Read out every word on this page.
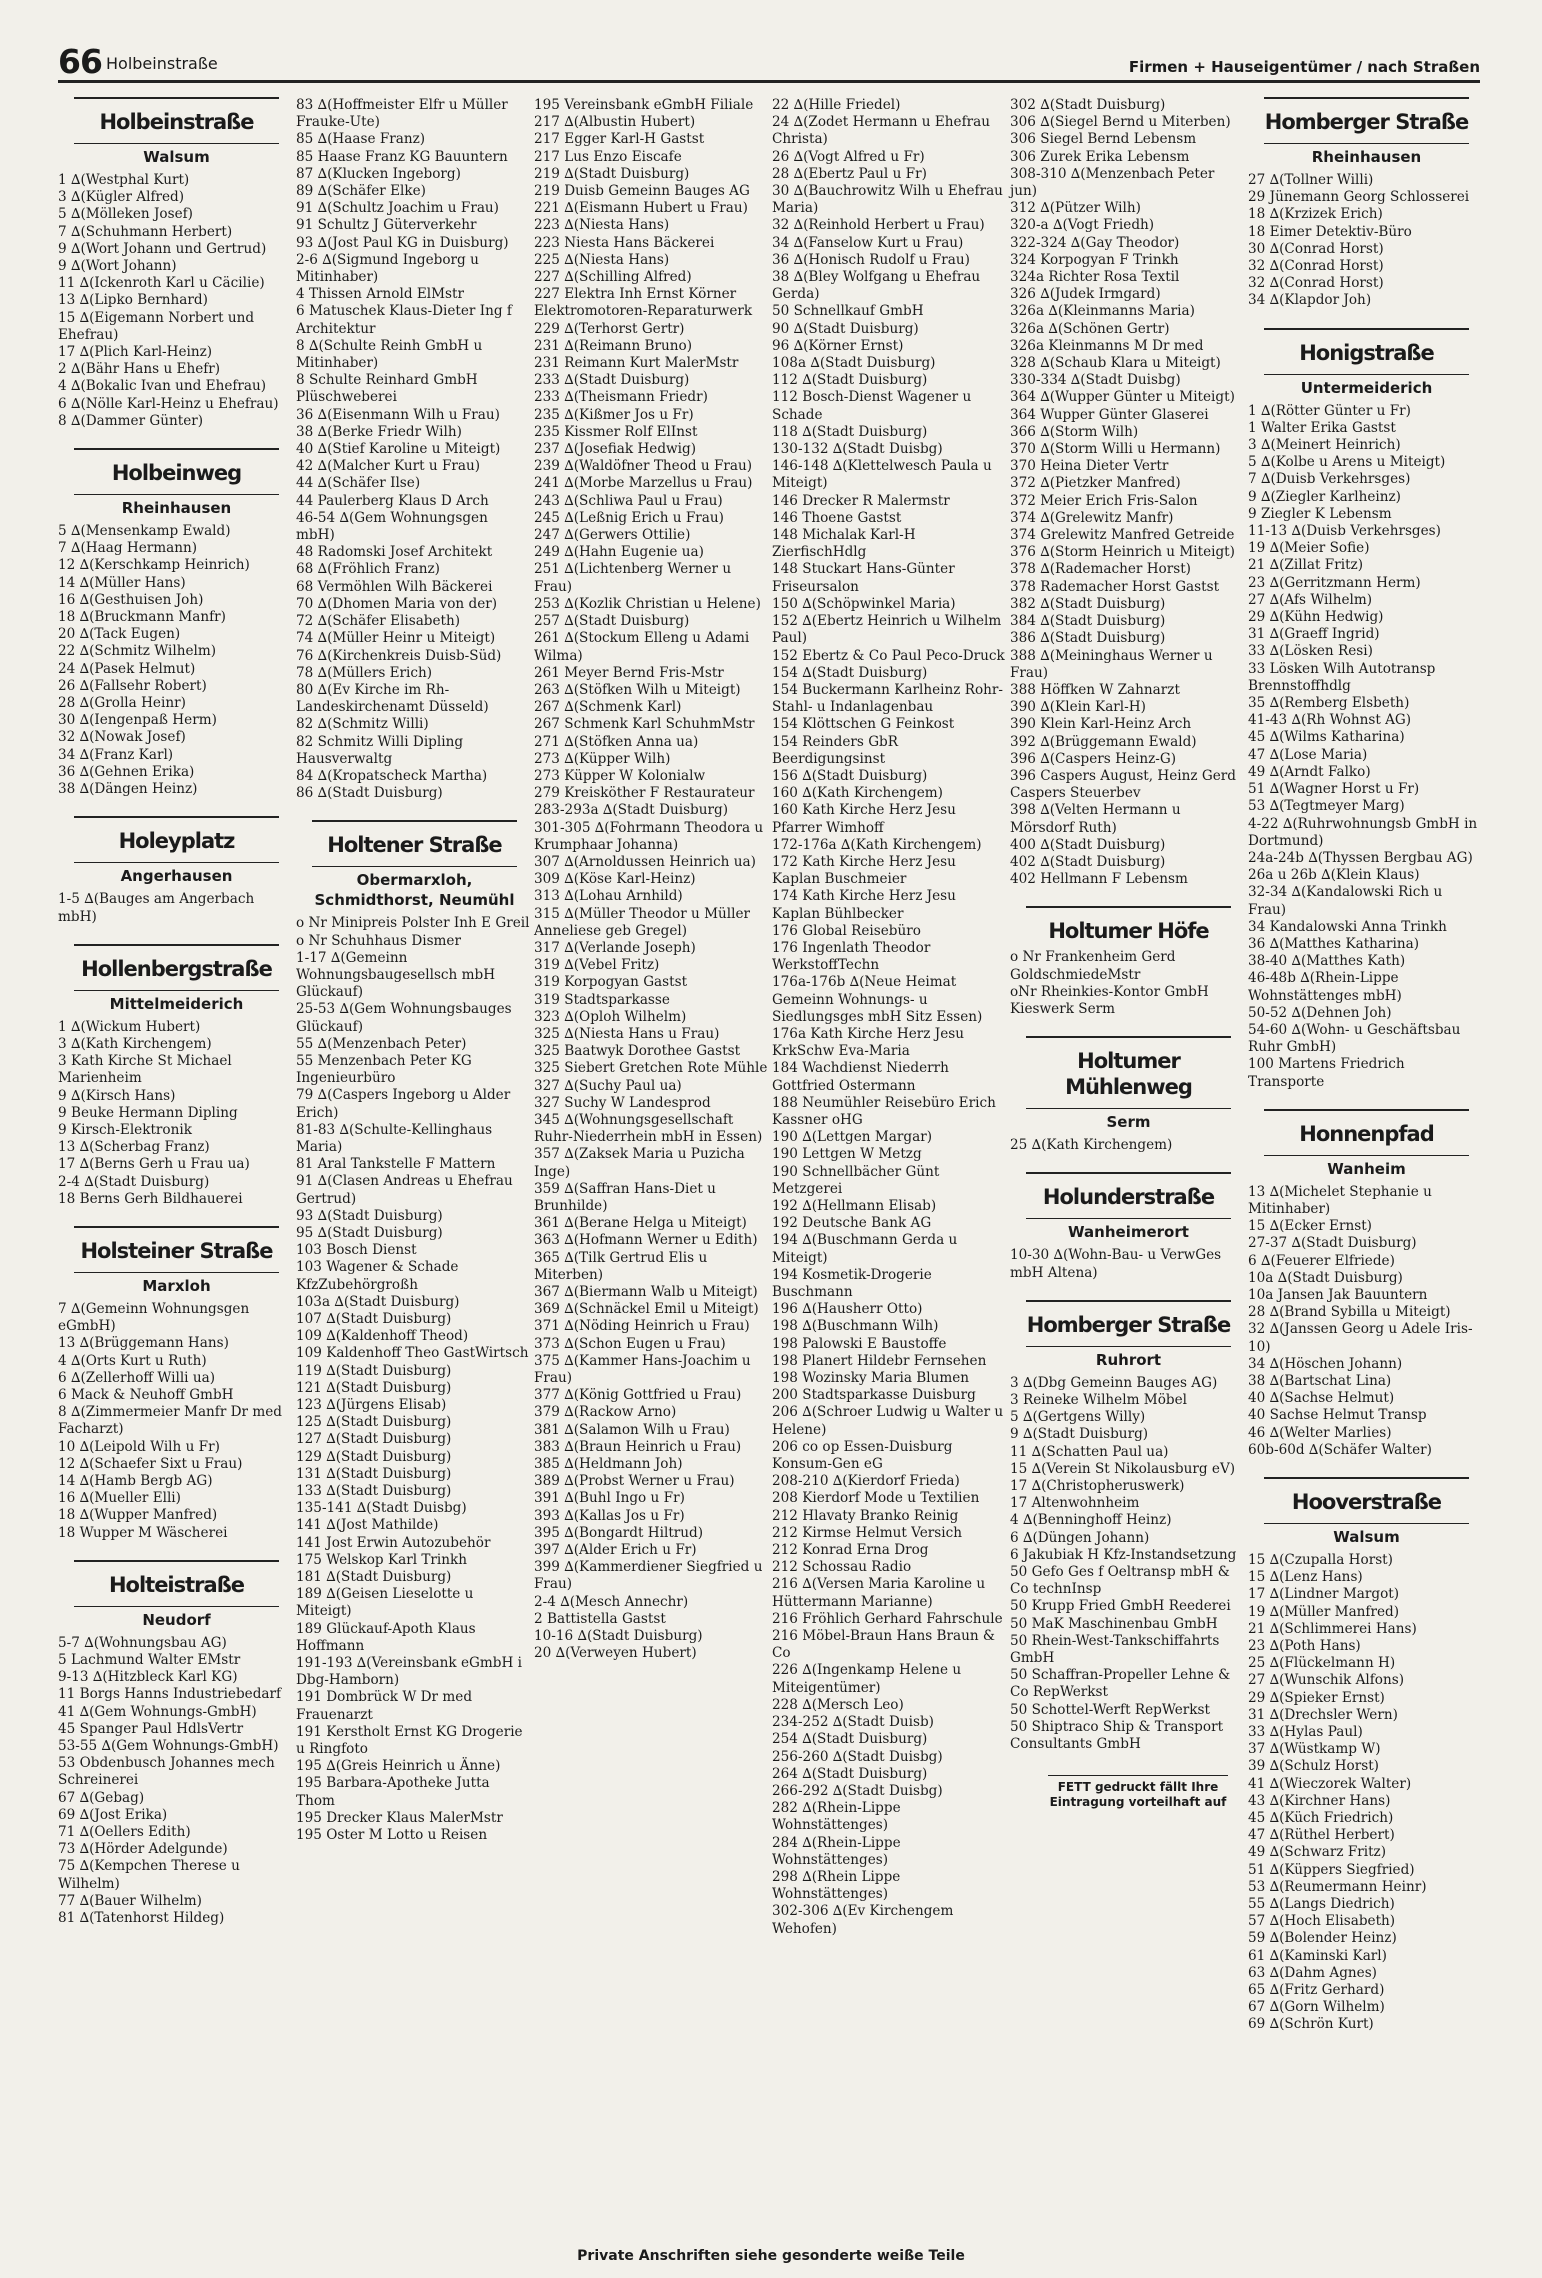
66 Holbeinstraße	Firmen + Hauseigentümer / nach Straßen
Holbeinstraße
Walsum
1 ∆(Westphal Kurt)
3 ∆(Kügler Alfred)
5 ∆(Mölleken Josef)
7 ∆(Schuhmann Herbert)
9 ∆(Wort Johann und Gertrud)
9 ∆(Wort Johann)
11 ∆(Ickenroth Karl u Cäcilie)
13 ∆(Lipko Bernhard)
15 ∆(Eigemann Norbert und Ehefrau)
17 ∆(Plich Karl-Heinz)
2 ∆(Bähr Hans u Ehefr)
4 ∆(Bokalic Ivan und Ehefrau)
6 ∆(Nölle Karl-Heinz u Ehefrau)
8 ∆(Dammer Günter)
Holbeinweg
Rheinhausen
5 ∆(Mensenkamp Ewald)
7 ∆(Haag Hermann)
12 ∆(Kerschkamp Heinrich)
14 ∆(Müller Hans)
16 ∆(Gesthuisen Joh)
18 ∆(Bruckmann Manfr)
20 ∆(Tack Eugen)
22 ∆(Schmitz Wilhelm)
24 ∆(Pasek Helmut)
26 ∆(Fallsehr Robert)
28 ∆(Grolla Heinr)
30 ∆(Iengenpaß Herm)
32 ∆(Nowak Josef)
34 ∆(Franz Karl)
36 ∆(Gehnen Erika)
38 ∆(Dängen Heinz)
Holeyplatz
Angerhausen
1-5 ∆(Bauges am Angerbach mbH)
Hollenbergstraße
Mittelmeiderich
1 ∆(Wickum Hubert)
3 ∆(Kath Kirchengem)
3 Kath Kirche St Michael Marienheim
9 ∆(Kirsch Hans)
9 Beuke Hermann Dipling
9 Kirsch-Elektronik
13 ∆(Scherbag Franz)
17 ∆(Berns Gerh u Frau ua)
2-4 ∆(Stadt Duisburg)
18 Berns Gerh Bildhauerei
Holsteiner Straße
Marxloh
7 ∆(Gemeinn Wohnungsgen eGmbH)
13 ∆(Brüggemann Hans)
4 ∆(Orts Kurt u Ruth)
6 ∆(Zellerhoff Willi ua)
6 Mack & Neuhoff GmbH
8 ∆(Zimmermeier Manfr Dr med Facharzt)
10 ∆(Leipold Wilh u Fr)
12 ∆(Schaefer Sixt u Frau)
14 ∆(Hamb Bergb AG)
16 ∆(Mueller Elli)
18 ∆(Wupper Manfred)
18 Wupper M Wäscherei
Holteistraße
Neudorf
5-7 ∆(Wohnungsbau AG)
5 Lachmund Walter EMstr
9-13 ∆(Hitzbleck Karl KG)
11 Borgs Hanns Industriebedarf
41 ∆(Gem Wohnungs-GmbH)
45 Spanger Paul HdlsVertr
53-55 ∆(Gem Wohnungs-GmbH)
53 Obdenbusch Johannes mech Schreinerei
67 ∆(Gebag)
69 ∆(Jost Erika)
71 ∆(Oellers Edith)
73 ∆(Hörder Adelgunde)
75 ∆(Kempchen Therese u Wilhelm)
77 ∆(Bauer Wilhelm)
81 ∆(Tatenhorst Hildeg)
83 ∆(Hoffmeister Elfr u Müller Frauke-Ute)
85 ∆(Haase Franz)
85 Haase Franz KG Bauuntern
87 ∆(Klucken Ingeborg)
89 ∆(Schäfer Elke)
91 ∆(Schultz Joachim u Frau)
91 Schultz J Güterverkehr
93 ∆(Jost Paul KG in Duisburg)
2-6 ∆(Sigmund Ingeborg u Mitinhaber)
4 Thissen Arnold ElMstr
6 Matuschek Klaus-Dieter Ing f Architektur
8 ∆(Schulte Reinh GmbH u Mitinhaber)
8 Schulte Reinhard GmbH Plüschweberei
36 ∆(Eisenmann Wilh u Frau)
38 ∆(Berke Friedr Wilh)
40 ∆(Stief Karoline u Miteigt)
42 ∆(Malcher Kurt u Frau)
44 ∆(Schäfer Ilse)
44 Paulerberg Klaus D Arch
46-54 ∆(Gem Wohnungsgen mbH)
48 Radomski Josef Architekt
68 ∆(Fröhlich Franz)
68 Vermöhlen Wilh Bäckerei
70 ∆(Dhomen Maria von der)
72 ∆(Schäfer Elisabeth)
74 ∆(Müller Heinr u Miteigt)
76 ∆(Kirchenkreis Duisb-Süd)
78 ∆(Müllers Erich)
80 ∆(Ev Kirche im Rh-Landeskirchenamt Düsseld)
82 ∆(Schmitz Willi)
82 Schmitz Willi Dipling Hausverwaltg
84 ∆(Kropatscheck Martha)
86 ∆(Stadt Duisburg)
Holtener Straße
Obermarxloh, Schmidthorst, Neumühl
o Nr Minipreis Polster Inh E Greil
o Nr Schuhhaus Dismer
1-17 ∆(Gemeinn Wohnungsbaugesellsch mbH Glückauf)
25-53 ∆(Gem Wohnungsbauges Glückauf)
55 ∆(Menzenbach Peter)
55 Menzenbach Peter KG Ingenieurbüro
79 ∆(Caspers Ingeborg u Alder Erich)
81-83 ∆(Schulte-Kellinghaus Maria)
81 Aral Tankstelle F Mattern
91 ∆(Clasen Andreas u Ehefrau Gertrud)
93 ∆(Stadt Duisburg)
95 ∆(Stadt Duisburg)
103 Bosch Dienst
103 Wagener & Schade KfzZubehörgroßh
103a ∆(Stadt Duisburg)
107 ∆(Stadt Duisburg)
109 ∆(Kaldenhoff Theod)
109 Kaldenhoff Theo GastWirtsch
119 ∆(Stadt Duisburg)
121 ∆(Stadt Duisburg)
123 ∆(Jürgens Elisab)
125 ∆(Stadt Duisburg)
127 ∆(Stadt Duisburg)
129 ∆(Stadt Duisburg)
131 ∆(Stadt Duisburg)
133 ∆(Stadt Duisburg)
135-141 ∆(Stadt Duisbg)
141 ∆(Jost Mathilde)
141 Jost Erwin Autozubehör
175 Welskop Karl Trinkh
181 ∆(Stadt Duisburg)
189 ∆(Geisen Lieselotte u Miteigt)
189 Glückauf-Apoth Klaus Hoffmann
191-193 ∆(Vereinsbank eGmbH i Dbg-Hamborn)
191 Dombrück W Dr med Frauenarzt
191 Kerstholt Ernst KG Drogerie u Ringfoto
195 ∆(Greis Heinrich u Änne)
195 Barbara-Apotheke Jutta Thom
195 Drecker Klaus MalerMstr
195 Oster M Lotto u Reisen
195 Vereinsbank eGmbH Filiale
217 ∆(Albustin Hubert)
217 Egger Karl-H Gastst
217 Lus Enzo Eiscafe
219 ∆(Stadt Duisburg)
219 Duisb Gemeinn Bauges AG
221 ∆(Eismann Hubert u Frau)
223 ∆(Niesta Hans)
223 Niesta Hans Bäckerei
225 ∆(Niesta Hans)
227 ∆(Schilling Alfred)
227 Elektra Inh Ernst Körner Elektromotoren-Reparaturwerk
229 ∆(Terhorst Gertr)
231 ∆(Reimann Bruno)
231 Reimann Kurt MalerMstr
233 ∆(Stadt Duisburg)
233 ∆(Theismann Friedr)
235 ∆(Kißmer Jos u Fr)
235 Kissmer Rolf ElInst
237 ∆(Josefiak Hedwig)
239 ∆(Waldöfner Theod u Frau)
241 ∆(Morbe Marzellus u Frau)
243 ∆(Schliwa Paul u Frau)
245 ∆(Leßnig Erich u Frau)
247 ∆(Gerwers Ottilie)
249 ∆(Hahn Eugenie ua)
251 ∆(Lichtenberg Werner u Frau)
253 ∆(Kozlik Christian u Helene)
257 ∆(Stadt Duisburg)
261 ∆(Stockum Elleng u Adami Wilma)
261 Meyer Bernd Fris-Mstr
263 ∆(Stöfken Wilh u Miteigt)
267 ∆(Schmenk Karl)
267 Schmenk Karl SchuhmMstr
271 ∆(Stöfken Anna ua)
273 ∆(Küpper Wilh)
273 Küpper W Kolonialw
279 Kreisköther F Restaurateur
283-293a ∆(Stadt Duisburg)
301-305 ∆(Fohrmann Theodora u Krumphaar Johanna)
307 ∆(Arnoldussen Heinrich ua)
309 ∆(Köse Karl-Heinz)
313 ∆(Lohau Arnhild)
315 ∆(Müller Theodor u Müller Anneliese geb Gregel)
317 ∆(Verlande Joseph)
319 ∆(Vebel Fritz)
319 Korpogyan Gastst
319 Stadtsparkasse
323 ∆(Oploh Wilhelm)
325 ∆(Niesta Hans u Frau)
325 Baatwyk Dorothee Gastst
325 Siebert Gretchen Rote Mühle
327 ∆(Suchy Paul ua)
327 Suchy W Landesprod
345 ∆(Wohnungsgesellschaft Ruhr-Niederrhein mbH in Essen)
357 ∆(Zaksek Maria u Puzicha Inge)
359 ∆(Saffran Hans-Diet u Brunhilde)
361 ∆(Berane Helga u Miteigt)
363 ∆(Hofmann Werner u Edith)
365 ∆(Tilk Gertrud Elis u Miterben)
367 ∆(Biermann Walb u Miteigt)
369 ∆(Schnäckel Emil u Miteigt)
371 ∆(Nöding Heinrich u Frau)
373 ∆(Schon Eugen u Frau)
375 ∆(Kammer Hans-Joachim u Frau)
377 ∆(König Gottfried u Frau)
379 ∆(Rackow Arno)
381 ∆(Salamon Wilh u Frau)
383 ∆(Braun Heinrich u Frau)
385 ∆(Heldmann Joh)
389 ∆(Probst Werner u Frau)
391 ∆(Buhl Ingo u Fr)
393 ∆(Kallas Jos u Fr)
395 ∆(Bongardt Hiltrud)
397 ∆(Alder Erich u Fr)
399 ∆(Kammerdiener Siegfried u Frau)
2-4 ∆(Mesch Annechr)
2 Battistella Gastst
10-16 ∆(Stadt Duisburg)
20 ∆(Verweyen Hubert)
22 ∆(Hille Friedel)
24 ∆(Zodet Hermann u Ehefrau Christa)
26 ∆(Vogt Alfred u Fr)
28 ∆(Ebertz Paul u Fr)
30 ∆(Bauchrowitz Wilh u Ehefrau Maria)
32 ∆(Reinhold Herbert u Frau)
34 ∆(Fanselow Kurt u Frau)
36 ∆(Honisch Rudolf u Frau)
38 ∆(Bley Wolfgang u Ehefrau Gerda)
50 Schnellkauf GmbH
90 ∆(Stadt Duisburg)
96 ∆(Körner Ernst)
108a ∆(Stadt Duisburg)
112 ∆(Stadt Duisburg)
112 Bosch-Dienst Wagener u Schade
118 ∆(Stadt Duisburg)
130-132 ∆(Stadt Duisbg)
146-148 ∆(Klettelwesch Paula u Miteigt)
146 Drecker R Malermstr
146 Thoene Gastst
148 Michalak Karl-H ZierfischHdlg
148 Stuckart Hans-Günter Friseursalon
150 ∆(Schöpwinkel Maria)
152 ∆(Ebertz Heinrich u Wilhelm Paul)
152 Ebertz & Co Paul Peco-Druck
154 ∆(Stadt Duisburg)
154 Buckermann Karlheinz Rohr-Stahl- u Indanlagenbau
154 Klöttschen G Feinkost
154 Reinders GbR Beerdigungsinst
156 ∆(Stadt Duisburg)
160 ∆(Kath Kirchengem)
160 Kath Kirche Herz Jesu Pfarrer Wimhoff
172-176a ∆(Kath Kirchengem)
172 Kath Kirche Herz Jesu Kaplan Buschmeier
174 Kath Kirche Herz Jesu Kaplan Bühlbecker
176 Global Reisebüro
176 Ingenlath Theodor WerkstoffTechn
176a-176b ∆(Neue Heimat Gemeinn Wohnungs- u Siedlungsges mbH Sitz Essen)
176a Kath Kirche Herz Jesu KrkSchw Eva-Maria
184 Wachdienst Niederrh Gottfried Ostermann
188 Neumühler Reisebüro Erich Kassner oHG
190 ∆(Lettgen Margar)
190 Lettgen W Metzg
190 Schnellbächer Günt Metzgerei
192 ∆(Hellmann Elisab)
192 Deutsche Bank AG
194 ∆(Buschmann Gerda u Miteigt)
194 Kosmetik-Drogerie Buschmann
196 ∆(Hausherr Otto)
198 ∆(Buschmann Wilh)
198 Palowski E Baustoffe
198 Planert Hildebr Fernsehen
198 Wozinsky Maria Blumen
200 Stadtsparkasse Duisburg
206 ∆(Schroer Ludwig u Walter u Helene)
206 co op Essen-Duisburg Konsum-Gen eG
208-210 ∆(Kierdorf Frieda)
208 Kierdorf Mode u Textilien
212 Hlavaty Branko Reinig
212 Kirmse Helmut Versich
212 Konrad Erna Drog
212 Schossau Radio
216 ∆(Versen Maria Karoline u Hüttermann Marianne)
216 Fröhlich Gerhard Fahrschule
216 Möbel-Braun Hans Braun & Co
226 ∆(Ingenkamp Helene u Miteigentümer)
228 ∆(Mersch Leo)
234-252 ∆(Stadt Duisb)
254 ∆(Stadt Duisburg)
256-260 ∆(Stadt Duisbg)
264 ∆(Stadt Duisburg)
266-292 ∆(Stadt Duisbg)
282 ∆(Rhein-Lippe Wohnstättenges)
284 ∆(Rhein-Lippe Wohnstättenges)
298 ∆(Rhein Lippe Wohnstättenges)
302-306 ∆(Ev Kirchengem Wehofen)
302 ∆(Stadt Duisburg)
306 ∆(Siegel Bernd u Miterben)
306 Siegel Bernd Lebensm
306 Zurek Erika Lebensm
308-310 ∆(Menzenbach Peter jun)
312 ∆(Pützer Wilh)
320-a ∆(Vogt Friedh)
322-324 ∆(Gay Theodor)
324 Korpogyan F Trinkh
324a Richter Rosa Textil
326 ∆(Judek Irmgard)
326a ∆(Kleinmanns Maria)
326a ∆(Schönen Gertr)
326a Kleinmanns M Dr med
328 ∆(Schaub Klara u Miteigt)
330-334 ∆(Stadt Duisbg)
364 ∆(Wupper Günter u Miteigt)
364 Wupper Günter Glaserei
366 ∆(Storm Wilh)
370 ∆(Storm Willi u Hermann)
370 Heina Dieter Vertr
372 ∆(Pietzker Manfred)
372 Meier Erich Fris-Salon
374 ∆(Grelewitz Manfr)
374 Grelewitz Manfred Getreide
376 ∆(Storm Heinrich u Miteigt)
378 ∆(Rademacher Horst)
378 Rademacher Horst Gastst
382 ∆(Stadt Duisburg)
384 ∆(Stadt Duisburg)
386 ∆(Stadt Duisburg)
388 ∆(Meininghaus Werner u Frau)
388 Höffken W Zahnarzt
390 ∆(Klein Karl-H)
390 Klein Karl-Heinz Arch
392 ∆(Brüggemann Ewald)
396 ∆(Caspers Heinz-G)
396 Caspers August, Heinz Gerd Caspers Steuerbev
398 ∆(Velten Hermann u Mörsdorf Ruth)
400 ∆(Stadt Duisburg)
402 ∆(Stadt Duisburg)
402 Hellmann F Lebensm
Holtumer Höfe
o Nr Frankenheim Gerd GoldschmiedeMstr
oNr Rheinkies-Kontor GmbH Kieswerk Serm
Holtumer Mühlenweg
Serm
25 ∆(Kath Kirchengem)
Holunderstraße
Wanheimerort
10-30 ∆(Wohn-Bau- u VerwGes mbH Altena)
Homberger Straße
Ruhrort
3 ∆(Dbg Gemeinn Bauges AG)
3 Reineke Wilhelm Möbel
5 ∆(Gertgens Willy)
9 ∆(Stadt Duisburg)
11 ∆(Schatten Paul ua)
15 ∆(Verein St Nikolausburg eV)
17 ∆(Christopheruswerk)
17 Altenwohnheim
4 ∆(Benninghoff Heinz)
6 ∆(Düngen Johann)
6 Jakubiak H Kfz-Instandsetzung
50 Gefo Ges f Oeltransp mbH & Co technInsp
50 Krupp Fried GmbH Reederei
50 MaK Maschinenbau GmbH
50 Rhein-West-Tankschiffahrts GmbH
50 Schaffran-Propeller Lehne & Co RepWerkst
50 Schottel-Werft RepWerkst
50 Shiptraco Ship & Transport Consultants GmbH
FETT gedruckt fällt Ihre Eintragung vorteilhaft auf
Homberger Straße
Rheinhausen
27 ∆(Tollner Willi)
29 Jünemann Georg Schlosserei
18 ∆(Krzizek Erich)
18 Eimer Detektiv-Büro
30 ∆(Conrad Horst)
32 ∆(Conrad Horst)
32 ∆(Conrad Horst)
34 ∆(Klapdor Joh)
Honigstraße
Untermeiderich
1 ∆(Rötter Günter u Fr)
1 Walter Erika Gastst
3 ∆(Meinert Heinrich)
5 ∆(Kolbe u Arens u Miteigt)
7 ∆(Duisb Verkehrsges)
9 ∆(Ziegler Karlheinz)
9 Ziegler K Lebensm
11-13 ∆(Duisb Verkehrsges)
19 ∆(Meier Sofie)
21 ∆(Zillat Fritz)
23 ∆(Gerritzmann Herm)
27 ∆(Afs Wilhelm)
29 ∆(Kühn Hedwig)
31 ∆(Graeff Ingrid)
33 ∆(Lösken Resi)
33 Lösken Wilh Autotransp Brennstoffhdlg
35 ∆(Remberg Elsbeth)
41-43 ∆(Rh Wohnst AG)
45 ∆(Wilms Katharina)
47 ∆(Lose Maria)
49 ∆(Arndt Falko)
51 ∆(Wagner Horst u Fr)
53 ∆(Tegtmeyer Marg)
4-22 ∆(Ruhrwohnungsb GmbH in Dortmund)
24a-24b ∆(Thyssen Bergbau AG)
26a u 26b ∆(Klein Klaus)
32-34 ∆(Kandalowski Rich u Frau)
34 Kandalowski Anna Trinkh
36 ∆(Matthes Katharina)
38-40 ∆(Matthes Kath)
46-48b ∆(Rhein-Lippe Wohnstättenges mbH)
50-52 ∆(Dehnen Joh)
54-60 ∆(Wohn- u Geschäftsbau Ruhr GmbH)
100 Martens Friedrich Transporte
Honnenpfad
Wanheim
13 ∆(Michelet Stephanie u Mitinhaber)
15 ∆(Ecker Ernst)
27-37 ∆(Stadt Duisburg)
6 ∆(Feuerer Elfriede)
10a ∆(Stadt Duisburg)
10a Jansen Jak Bauuntern
28 ∆(Brand Sybilla u Miteigt)
32 ∆(Janssen Georg u Adele Iris-10)
34 ∆(Höschen Johann)
38 ∆(Bartschat Lina)
40 ∆(Sachse Helmut)
40 Sachse Helmut Transp
46 ∆(Welter Marlies)
60b-60d ∆(Schäfer Walter)
Hooverstraße
Walsum
15 ∆(Czupalla Horst)
15 ∆(Lenz Hans)
17 ∆(Lindner Margot)
19 ∆(Müller Manfred)
21 ∆(Schlimmerei Hans)
23 ∆(Poth Hans)
25 ∆(Flückelmann H)
27 ∆(Wunschik Alfons)
29 ∆(Spieker Ernst)
31 ∆(Drechsler Wern)
33 ∆(Hylas Paul)
37 ∆(Wüstkamp W)
39 ∆(Schulz Horst)
41 ∆(Wieczorek Walter)
43 ∆(Kirchner Hans)
45 ∆(Küch Friedrich)
47 ∆(Rüthel Herbert)
49 ∆(Schwarz Fritz)
51 ∆(Küppers Siegfried)
53 ∆(Reumermann Heinr)
55 ∆(Langs Diedrich)
57 ∆(Hoch Elisabeth)
59 ∆(Bolender Heinz)
61 ∆(Kaminski Karl)
63 ∆(Dahm Agnes)
65 ∆(Fritz Gerhard)
67 ∆(Gorn Wilhelm)
69 ∆(Schrön Kurt)
Private Anschriften siehe gesonderte weiße Teile
